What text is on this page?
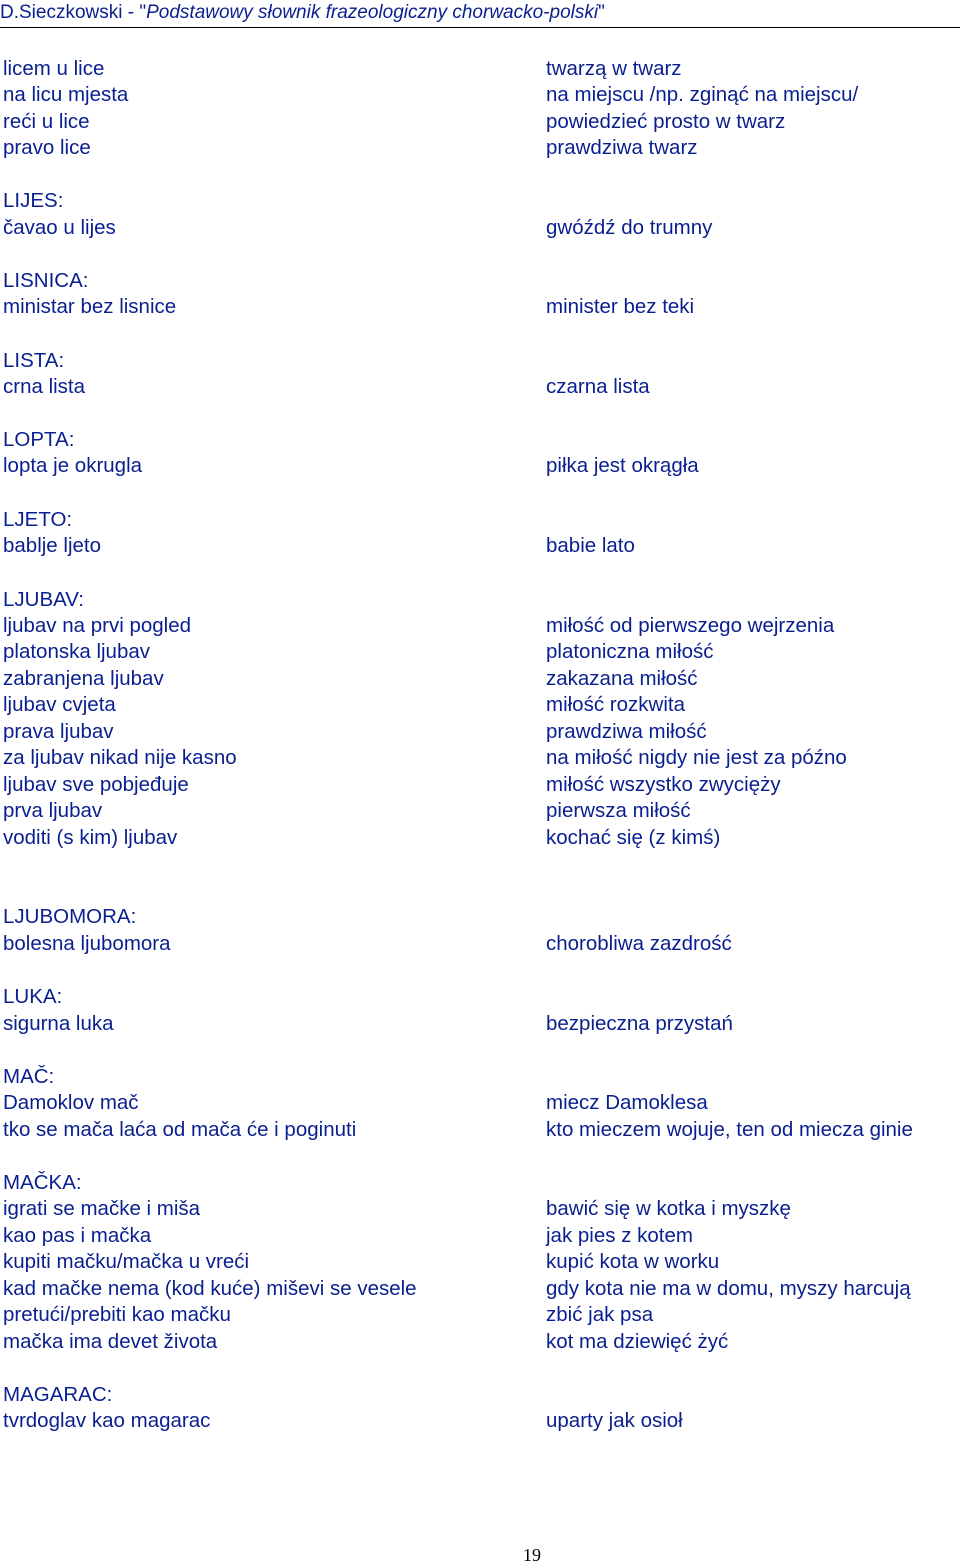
D.Sieczkowski - "Podstawowy słownik frazeologiczny chorwacko-polski"
licem u lice	twarzą w twarz
na licu mjesta	na miejscu /np. zginąć na miejscu/
reći u lice	powiedzieć prosto w twarz
pravo lice	prawdziwa twarz
LIJES:
čavao u lijes	gwóźdź do trumny
LISNICA:
ministar bez lisnice	minister bez teki
LISTA:
crna lista	czarna lista
LOPTA:
lopta je okrugla	piłka jest okrągła
LJETO:
bablje ljeto	babie lato
LJUBAV:
ljubav na prvi pogled	miłość od pierwszego wejrzenia
platonska ljubav	platoniczna miłość
zabranjena ljubav	zakazana miłość
ljubav cvjeta	miłość rozkwita
prava ljubav	prawdziwa miłość
za ljubav nikad nije kasno	na miłość nigdy nie jest za późno
ljubav sve pobjeđuje	miłość wszystko zwycięży
prva ljubav	pierwsza miłość
voditi (s kim) ljubav	kochać się (z kimś)
LJUBOMORA:
bolesna ljubomora	chorobliwa zazdrość
LUKA:
sigurna luka	bezpieczna przystań
MAČ:
Damoklov mač	miecz Damoklesa
tko se mača laća od mača će i poginuti	kto mieczem wojuje, ten od miecza ginie
MAČKA:
igrati se mačke i miša	bawić się w kotka i myszkę
kao pas i mačka	jak pies z kotem
kupiti mačku/mačka u vreći	kupić kota w worku
kad mačke nema (kod kuće) miševi se vesele	gdy kota nie ma w domu, myszy harcują
pretući/prebiti kao mačku	zbić jak psa
mačka ima devet života	kot ma dziewięć żyć
MAGARAC:
tvrdoglav kao magarac	uparty jak osioł
19
